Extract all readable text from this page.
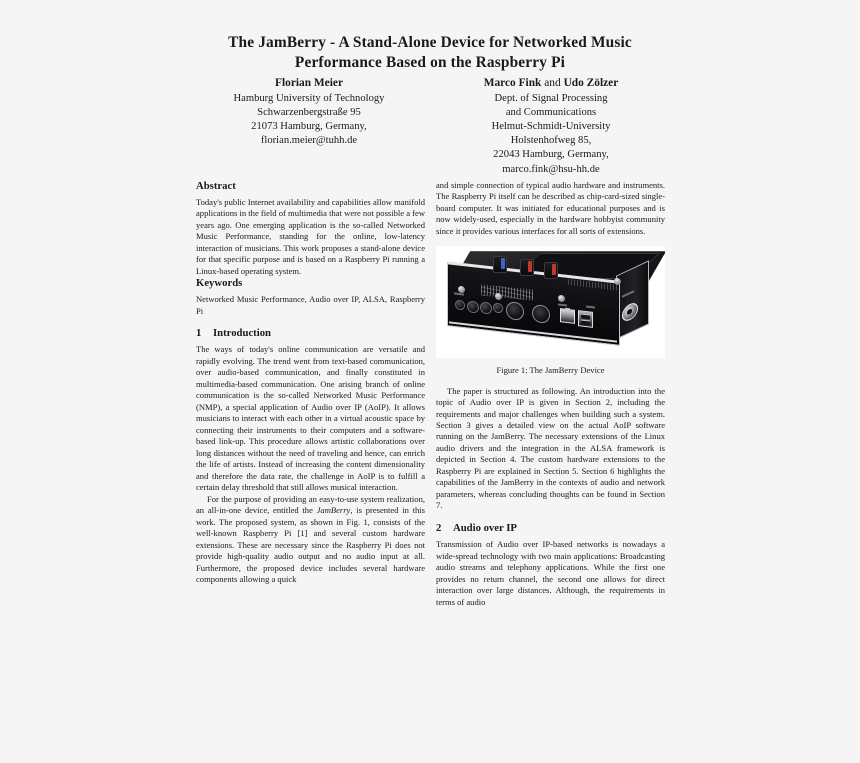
The JamBerry - A Stand-Alone Device for Networked Music
Performance Based on the Raspberry Pi
Florian Meier
Hamburg University of Technology
Schwarzenbergstraße 95
21073 Hamburg, Germany,
florian.meier@tuhh.de
Marco Fink and Udo Zölzer
Dept. of Signal Processing
and Communications
Helmut-Schmidt-University
Holstenhofweg 85,
22043 Hamburg, Germany,
marco.fink@hsu-hh.de
Abstract

Today's public Internet availability and capabilities allow manifold applications in the field of multimedia that were not possible a few years ago. One emerging application is the so-called Networked Music Performance, standing for the online, low-latency interaction of musicians. This work proposes a stand-alone device for that specific purpose and is based on a Raspberry Pi running a Linux-based operating system.

Keywords

Networked Music Performance, Audio over IP, ALSA, Raspberry Pi

1 Introduction

The ways of today's online communication are versatile and rapidly evolving. The trend went from text-based communication, over audio-based communication, and finally constituted in multimedia-based communication. One arising branch of online communication is the so-called Networked Music Performance (NMP), a special application of Audio over IP (AoIP). It allows musicians to interact with each other in a virtual acoustic space by connecting their instruments to their computers and a software-based link-up. This procedure allows artistic collaborations over long distances without the need of traveling and hence, can enrich the life of artists. Instead of increasing the content dimensionality and therefore the data rate, the challenge in AoIP is to fulfill a certain delay threshold that still allows musical interaction.

For the purpose of providing an easy-to-use system realization, an all-in-one device, entitled the JamBerry, is presented in this work. The proposed system, as shown in Fig. 1, consists of the well-known Raspberry Pi [1] and several custom hardware extensions. These are necessary since the Raspberry Pi does not provide high-quality audio output and no audio input at all. Furthermore, the proposed device includes several hardware components allowing a quick

and simple connection of typical audio hardware and instruments. The Raspberry Pi itself can be described as chip-card-sized single-board computer. It was initiated for educational purposes and is now widely-used, especially in the hardware hobbyist community since it provides various interfaces for all sorts of extensions.

Figure 1: The JamBerry Device

The paper is structured as following. An introduction into the topic of Audio over IP is given in Section 2, including the requirements and major challenges when building such a system. Section 3 gives a detailed view on the actual AoIP software running on the JamBerry. The necessary extensions of the Linux audio drivers and the integration in the ALSA framework is depicted in Section 4. The custom hardware extensions to the Raspberry Pi are explained in Section 5. Section 6 highlights the capabilities of the JamBerry in the contexts of audio and network parameters, whereas concluding thoughts can be found in Section 7.

2 Audio over IP

Transmission of Audio over IP-based networks is nowadays a wide-spread technology with two main applications: Broadcasting audio streams and telephony applications. While the first one provides no return channel, the second one allows for direct interaction over large distances. Although, the requirements in terms of audio
